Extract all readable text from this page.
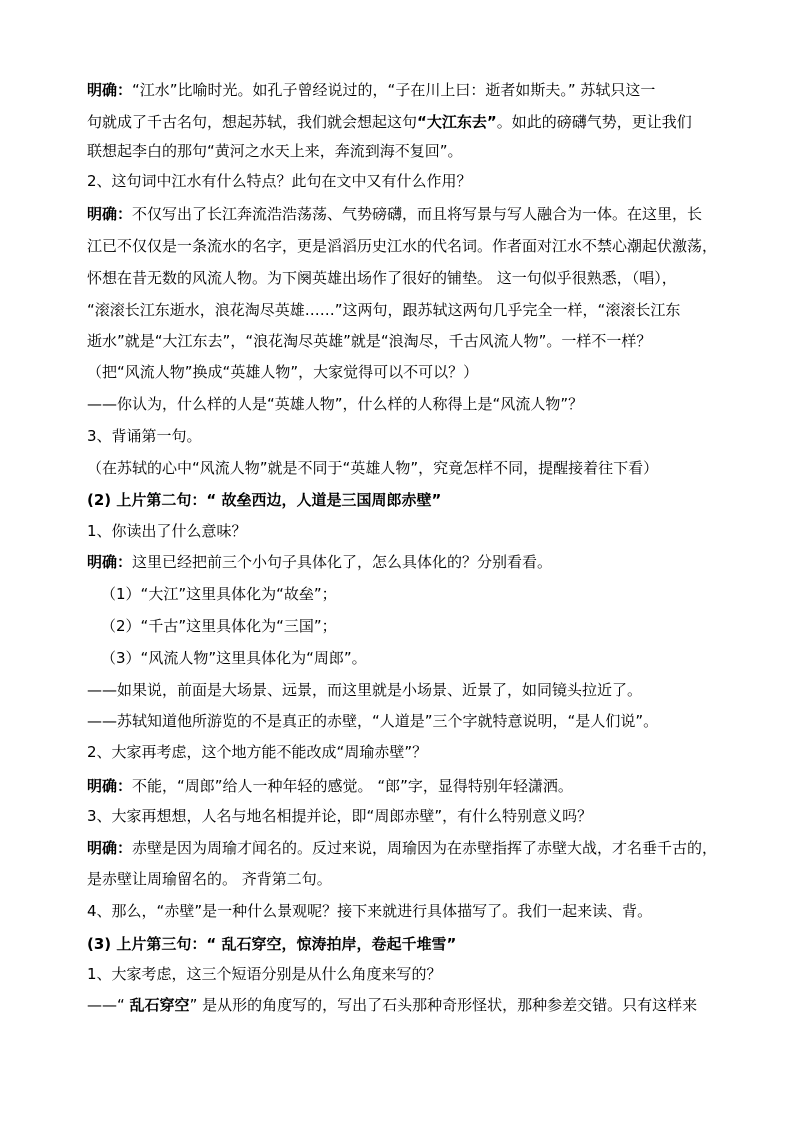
明确：“江水”比喻时光。如孔子曾经说过的，“子在川上曰：逝者如斯夫。” 苏轼只这一
句就成了千古名句，想起苏轼，我们就会想起这句“大江东去”。如此的磅礴气势，更让我们
联想起李白的那句“黄河之水天上来，奔流到海不复回”。
2、这句词中江水有什么特点？此句在文中又有什么作用？
明确：不仅写出了长江奔流浩浩荡荡、气势磅礴，而且将写景与写人融合为一体。在这里，长
江已不仅仅是一条流水的名字，更是滔滔历史江水的代名词。作者面对江水不禁心潮起伏激荡，
怀想在昔无数的风流人物。为下阕英雄出场作了很好的铺垫。 这一句似乎很熟悉，（唱），
“滚滚长江东逝水，浪花淘尽英雄……”这两句，跟苏轼这两句几乎完全一样，“滚滚长江东
逝水”就是“大江东去”，“浪花淘尽英雄”就是“浪淘尽，千古风流人物”。一样不一样？
（把“风流人物”换成“英雄人物”，大家觉得可以不可以？）
——你认为，什么样的人是“英雄人物”，什么样的人称得上是“风流人物”？
3、背诵第一句。
（在苏轼的心中“风流人物”就是不同于“英雄人物”，究竟怎样不同，提醒接着往下看）
(2) 上片第二句：“ 故垒西边，人道是三国周郎赤壁”
1、你读出了什么意味？
明确：这里已经把前三个小句子具体化了，怎么具体化的？分别看看。
（1）“大江”这里具体化为“故垒”；
（2）“千古”这里具体化为“三国”；
（3）“风流人物”这里具体化为“周郎”。
——如果说，前面是大场景、远景，而这里就是小场景、近景了，如同镜头拉近了。
——苏轼知道他所游览的不是真正的赤壁，“人道是”三个字就特意说明，“是人们说”。
2、大家再考虑，这个地方能不能改成“周瑜赤壁”？
明确：不能，“周郎”给人一种年轻的感觉。 “郎”字，显得特别年轻潇洒。
3、大家再想想，人名与地名相提并论，即“周郎赤壁”，有什么特别意义吗？
明确：赤壁是因为周瑜才闻名的。反过来说，周瑜因为在赤壁指挥了赤壁大战，才名垂千古的，
是赤壁让周瑜留名的。 齐背第二句。
4、那么，“赤壁”是一种什么景观呢？接下来就进行具体描写了。我们一起来读、背。
(3) 上片第三句：“ 乱石穿空，惊涛拍岸，卷起千堆雪”
1、大家考虑，这三个短语分别是从什么角度来写的？
——“ 乱石穿空” 是从形的角度写的，写出了石头那种奇形怪状，那种参差交错。只有这样来
